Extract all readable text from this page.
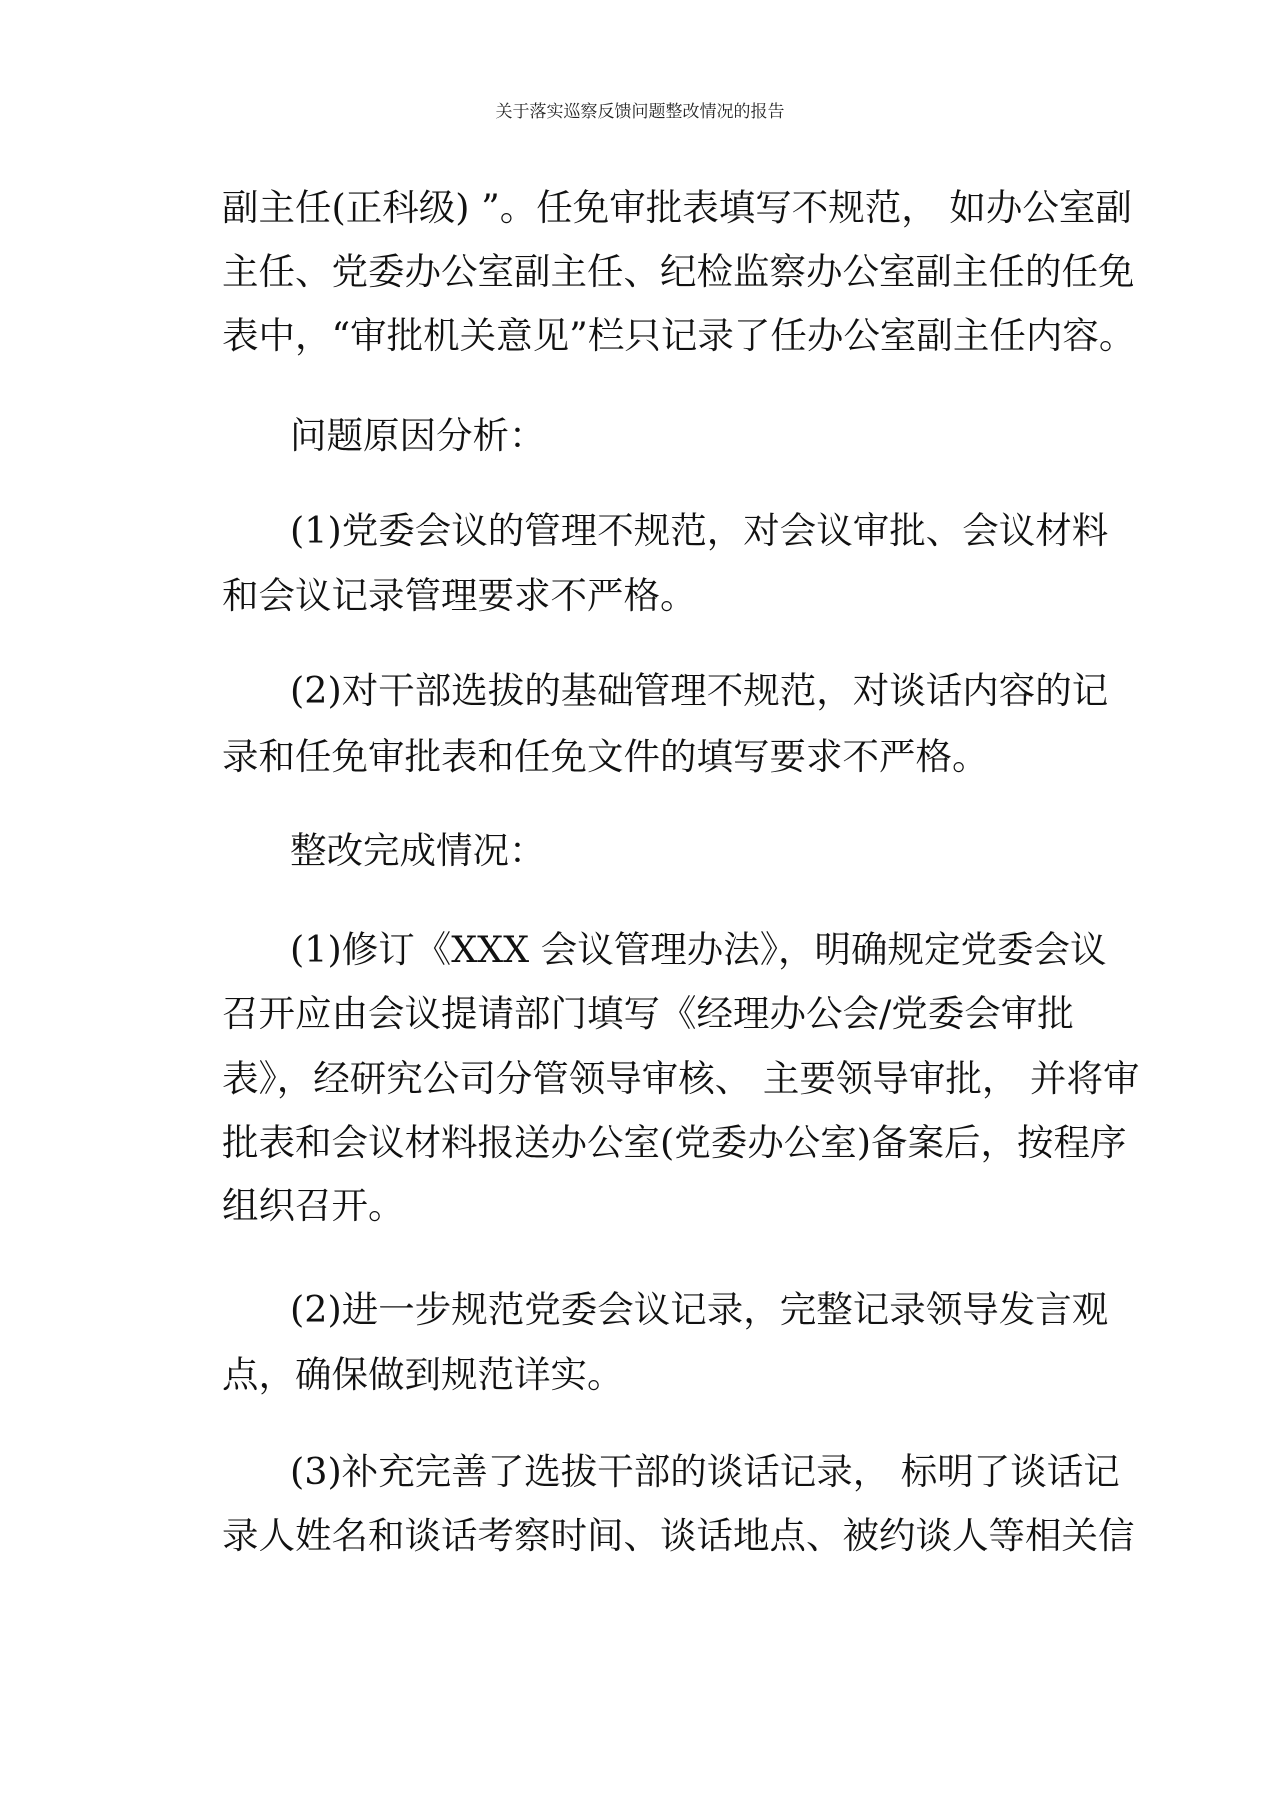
关于落实巡察反馈问题整改情况的报告
副主任(正科级) ”。任免审批表填写不规范， 如办公室副
主任、党委办公室副主任、纪检监察办公室副主任的任免
表中，“审批机关意见”栏只记录了任办公室副主任内容。
问题原因分析：
(1)党委会议的管理不规范，对会议审批、会议材料
和会议记录管理要求不严格。
(2)对干部选拔的基础管理不规范，对谈话内容的记
录和任免审批表和任免文件的填写要求不严格。
整改完成情况：
(1)修订《XXX 会议管理办法》，明确规定党委会议
召开应由会议提请部门填写《经理办公会/党委会审批
表》，经研究公司分管领导审核、 主要领导审批， 并将审
批表和会议材料报送办公室(党委办公室)备案后，按程序
组织召开。
(2)进一步规范党委会议记录，完整记录领导发言观
点，确保做到规范详实。
(3)补充完善了选拔干部的谈话记录， 标明了谈话记
录人姓名和谈话考察时间、谈话地点、被约谈人等相关信
